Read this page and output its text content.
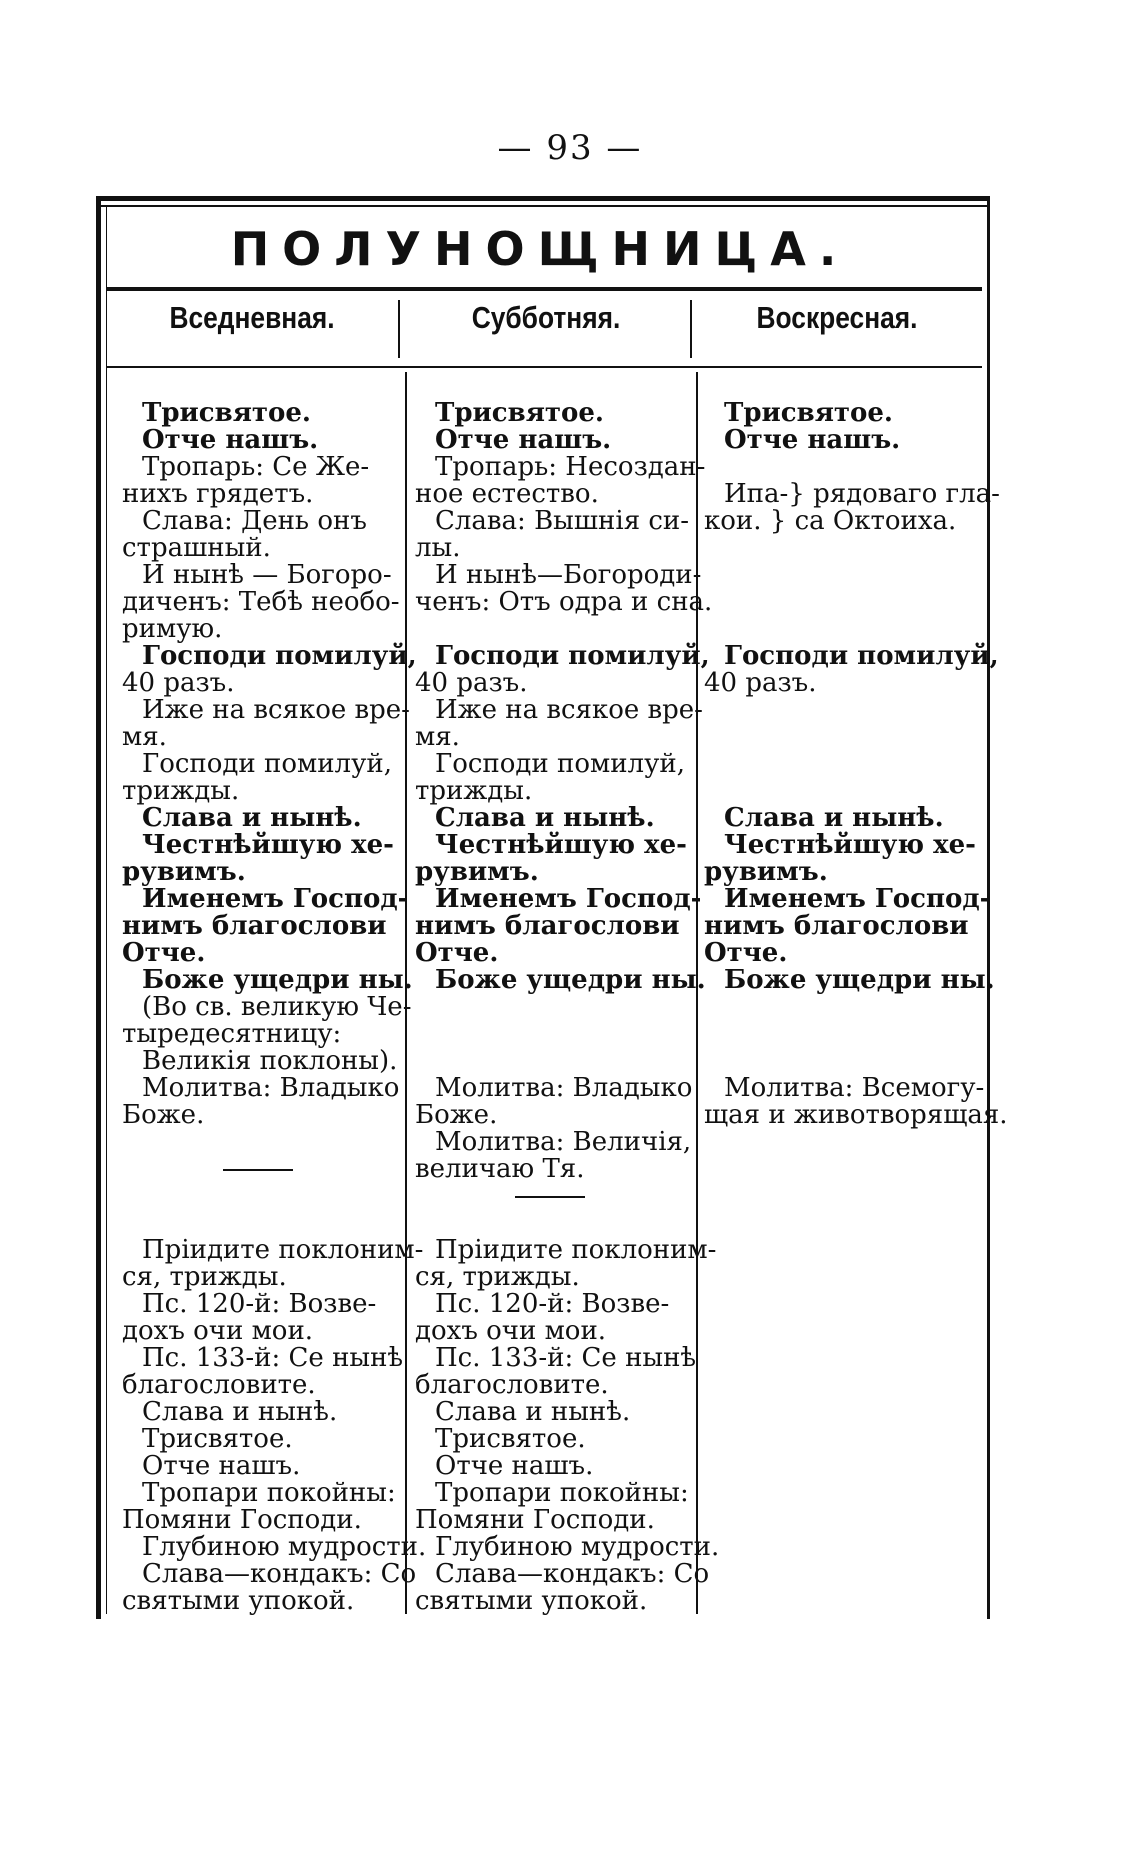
— 93 —
ПОЛУНОЩНИЦА.
Вседневная.	Субботняя.	Воскресная.
Трисвятое.
Отче нашъ.
Тропарь: Се Же-
нихъ грядетъ.
Слава: День онъ
страшный.
И нынѣ — Богоро-
диченъ: Тебѣ необо-
римую.
Господи помилуй,
40 разъ.
Иже на всякое вре-
мя.
Господи помилуй,
трижды.
Слава и нынѣ.
Честнѣйшую хе-
рувимъ.
Именемъ Господ-
нимъ благослови
Отче.
Боже ущедри ны.
(Во св. великую Че-
тыредесятницу:
Великія поклоны).
Молитва: Владыко
Боже.
Пріидите поклоним-
ся, трижды.
Пс. 120-й: Возве-
дохъ очи мои.
Пс. 133-й: Се нынѣ
благословите.
Слава и нынѣ.
Трисвятое.
Отче нашъ.
Тропари покойны:
Помяни Господи.
Глубиною мудрости.
Слава—кондакъ: Со
святыми упокой.
Трисвятое.
Отче нашъ.
Тропарь: Несоздан-
ное естество.
Слава: Вышнія си-
лы.
И нынѣ—Богороди-
ченъ: Отъ одра и сна.
Господи помилуй,
40 разъ.
Иже на всякое вре-
мя.
Господи помилуй,
трижды.
Слава и нынѣ.
Честнѣйшую хе-
рувимъ.
Именемъ Господ-
нимъ благослови
Отче.
Боже ущедри ны.
Молитва: Владыко
Боже.
Молитва: Величія,
величаю Тя.
Пріидите поклоним-
ся, трижды.
Пс. 120-й: Возве-
дохъ очи мои.
Пс. 133-й: Се нынѣ
благословите.
Слава и нынѣ.
Трисвятое.
Отче нашъ.
Тропари покойны:
Помяни Господи.
Глубиною мудрости.
Слава—кондакъ: Со
святыми упокой.
Трисвятое.
Отче нашъ.
Ипа-} рядоваго гла-
кои. } са Октоиха.
Господи помилуй,
40 разъ.
Слава и нынѣ.
Честнѣйшую хе-
рувимъ.
Именемъ Господ-
нимъ благослови
Отче.
Боже ущедри ны.
Молитва: Всемогу-
щая и животворящая.
